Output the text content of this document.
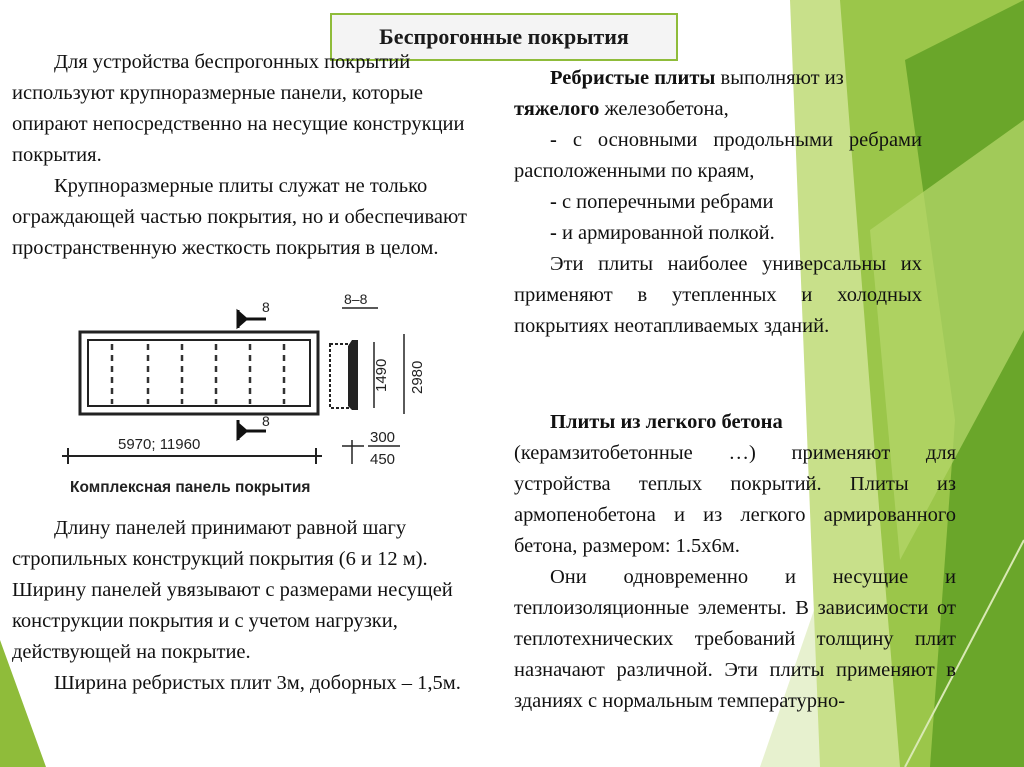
Беспрогонные покрытия

Для устройства беспрогонных покрытий используют крупноразмерные панели, которые опирают непосредственно на несущие конструкции покрытия.

Крупноразмерные плиты служат не только ограждающей частью покрытия, но и обеспечивают пространственную жесткость покрытия в целом.

8
8
5970; 11960
8–8
1490 2980
300
450
Комплексная панель покрытия

Длину панелей принимают равной шагу стропильных конструкций покрытия (6 и 12 м). Ширину панелей увязывают с размерами несущей конструкции покрытия и с учетом нагрузки, действующей на покрытие.

Ширина ребристых плит 3м, доборных – 1,5м.

Ребристые плиты выполняют из

тяжелого железобетона,

- с основными продольными ребрами расположенными по краям,

- с поперечными ребрами

- и армированной полкой.

Эти плиты наиболее универсальны их применяют в утепленных и холодных покрытиях неотапливаемых зданий.

Плиты из легкого бетона

(керамзитобетонные …) применяют для устройства теплых покрытий. Плиты из армопенобетона и из легкого армированного бетона, размером: 1.5х6м.

Они одновременно и несущие и теплоизоляционные элементы. В зависимости от теплотехнических требований толщину плит назначают различной. Эти плиты применяют в зданиях с нормальным температурно-
